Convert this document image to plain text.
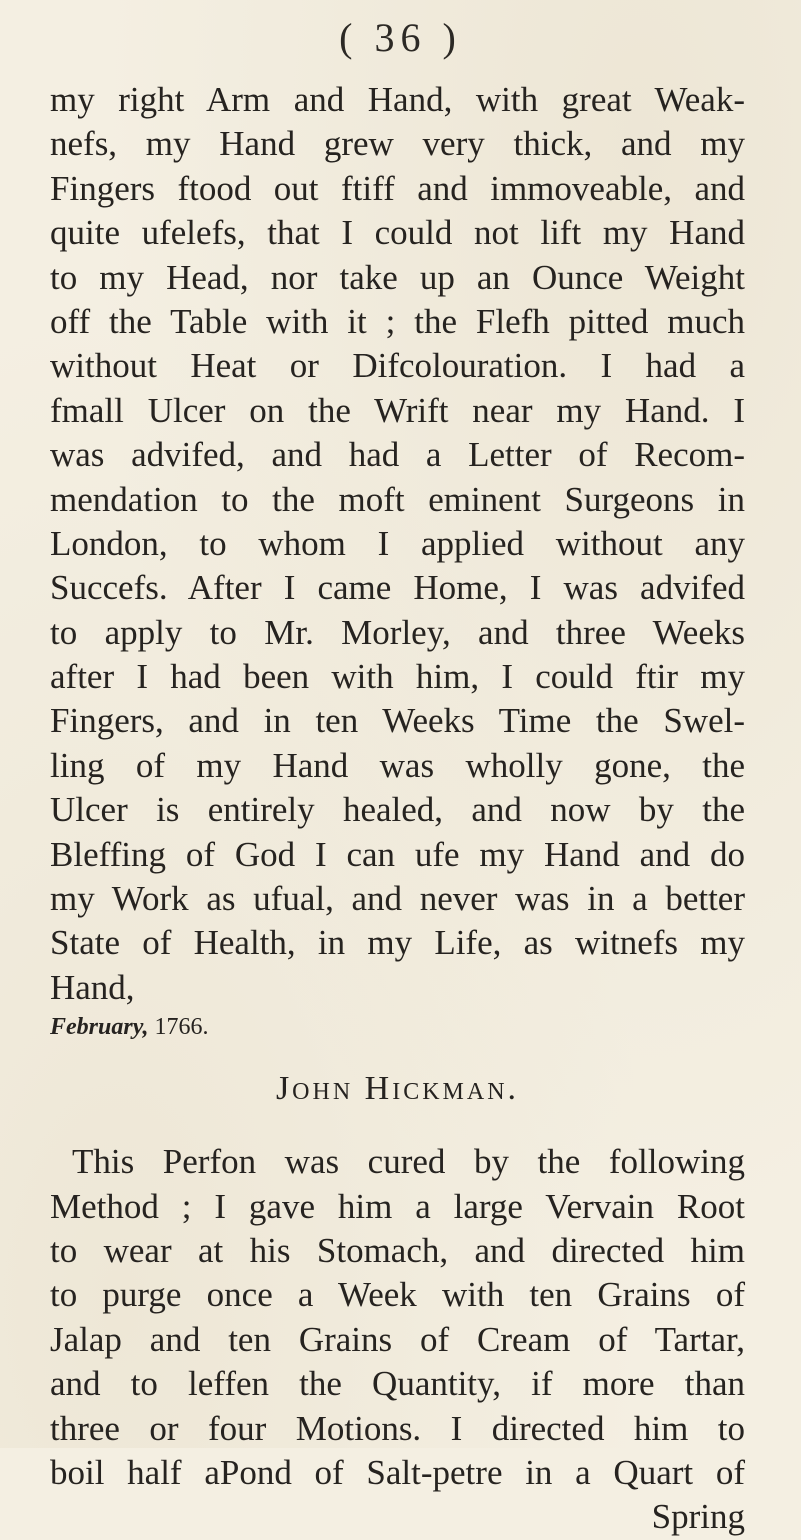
( 36 )
my right Arm and Hand, with great Weak-
nefs, my Hand grew very thick, and my
Fingers ftood out ftiff and immoveable, and
quite ufelefs, that I could not lift my Hand
to my Head, nor take up an Ounce Weight
off the Table with it ; the Flefh pitted much
without Heat or Difcolouration. I had a
fmall Ulcer on the Wrift near my Hand. I
was advifed, and had a Letter of Recom-
mendation to the moft eminent Surgeons in
London, to whom I applied without any
Succefs. After I came Home, I was advifed
to apply to Mr. Morley, and three Weeks
after I had been with him, I could ftir my
Fingers, and in ten Weeks Time the Swel-
ling of my Hand was wholly gone, the
Ulcer is entirely healed, and now by the
Bleffing of God I can ufe my Hand and do
my Work as ufual, and never was in a better
State of Health, in my Life, as witnefs my
Hand,
February, 1766.
John Hickman.
This Perfon was cured by the following
Method ; I gave him a large Vervain Root
to wear at his Stomach, and directed him
to purge once a Week with ten Grains of
Jalap and ten Grains of Cream of Tartar,
and to leffen the Quantity, if more than
three or four Motions. I directed him to
boil half aPond of Salt-petre in a Quart of
Spring
